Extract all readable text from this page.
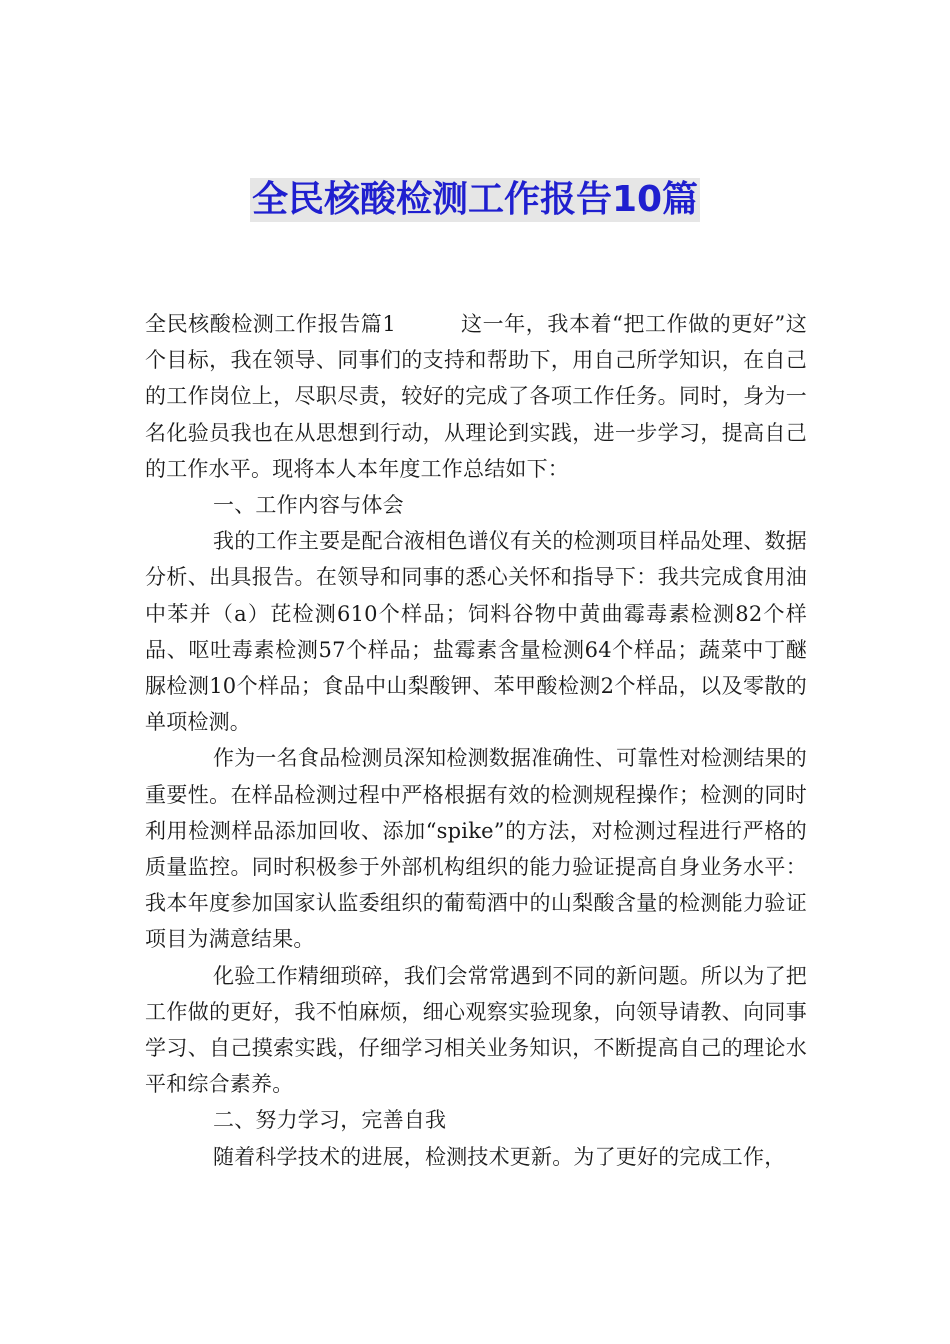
全民核酸检测工作报告10篇

全民核酸检测工作报告篇1　　　这一年，我本着“把工作做的更好”这个目标，我在领导、同事们的支持和帮助下，用自己所学知识，在自己的工作岗位上，尽职尽责，较好的完成了各项工作任务。同时，身为一名化验员我也在从思想到行动，从理论到实践，进一步学习，提高自己的工作水平。现将本人本年度工作总结如下：

一、工作内容与体会

我的工作主要是配合液相色谱仪有关的检测项目样品处理、数据分析、出具报告。在领导和同事的悉心关怀和指导下：我共完成食用油中苯并（a）芘检测610个样品；饲料谷物中黄曲霉毒素检测82个样品、呕吐毒素检测57个样品；盐霉素含量检测64个样品；蔬菜中丁醚脲检测10个样品；食品中山梨酸钾、苯甲酸检测2个样品，以及零散的单项检测。

作为一名食品检测员深知检测数据准确性、可靠性对检测结果的重要性。在样品检测过程中严格根据有效的检测规程操作；检测的同时利用检测样品添加回收、添加“spike”的方法，对检测过程进行严格的质量监控。同时积极参于外部机构组织的能力验证提高自身业务水平：我本年度参加国家认监委组织的葡萄酒中的山梨酸含量的检测能力验证项目为满意结果。

化验工作精细琐碎，我们会常常遇到不同的新问题。所以为了把工作做的更好，我不怕麻烦，细心观察实验现象，向领导请教、向同事学习、自己摸索实践，仔细学习相关业务知识，不断提高自己的理论水平和综合素养。

二、努力学习，完善自我

随着科学技术的进展，检测技术更新。为了更好的完成工作，
